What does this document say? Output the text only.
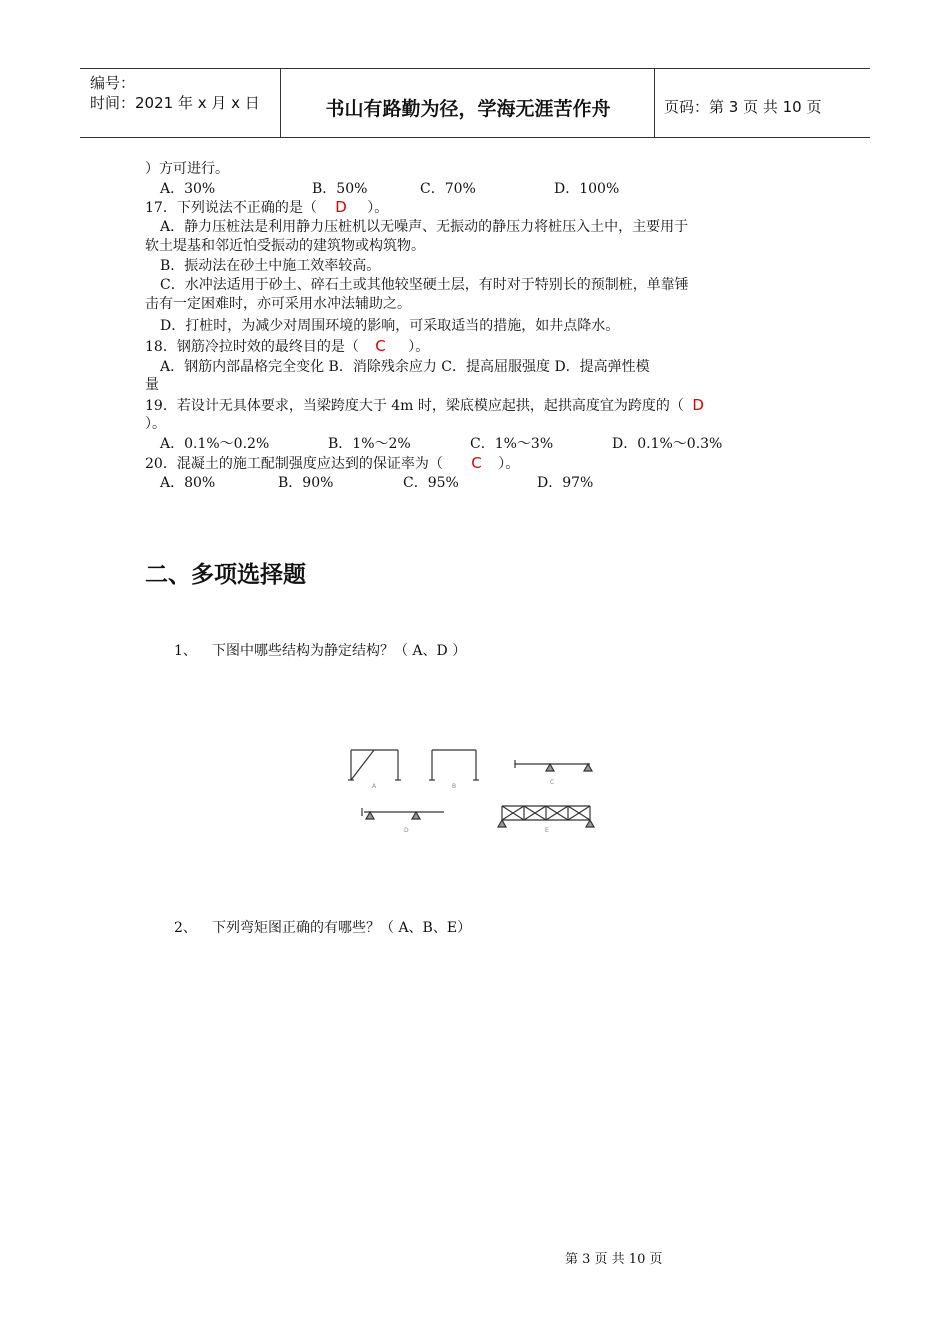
编号：
时间：2021 年 x 月 x 日	书山有路勤为径，学海无涯苦作舟	页码：第 3 页 共 10 页
）方可进行。
A．30%	B．50%	C．70%	D．100%
17．下列说法不正确的是（ D ）。
A．静力压桩法是利用静力压桩机以无噪声、无振动的静压力将桩压入土中，主要用于
软土堤基和邻近怕受振动的建筑物或构筑物。
B．振动法在砂土中施工效率较高。
C．水冲法适用于砂土、碎石土或其他较坚硬土层，有时对于特别长的预制桩，单靠锤
击有一定困难时，亦可采用水冲法辅助之。
D．打桩时，为减少对周围环境的影响，可采取适当的措施，如井点降水。
18．钢筋冷拉时效的最终目的是（ C ）。
A．钢筋内部晶格完全变化 B．消除残余应力 C．提高屈服强度 D．提高弹性模
量
19．若设计无具体要求，当梁跨度大于 4m 时，梁底模应起拱，起拱高度宜为跨度的（ D
）。
A．0.1%～0.2%	B．1%～2%	C．1%～3%	D．0.1%～0.3%
20．混凝土的施工配制强度应达到的保证率为（ C ）。
A．80%	B．90%	C．95%	D．97%
二、多项选择题
1、 下图中哪些结构为静定结构？（ A、D ）
A	B
C
D	E
2、 下列弯矩图正确的有哪些？（ A、B、E）
第 3 页 共 10 页
